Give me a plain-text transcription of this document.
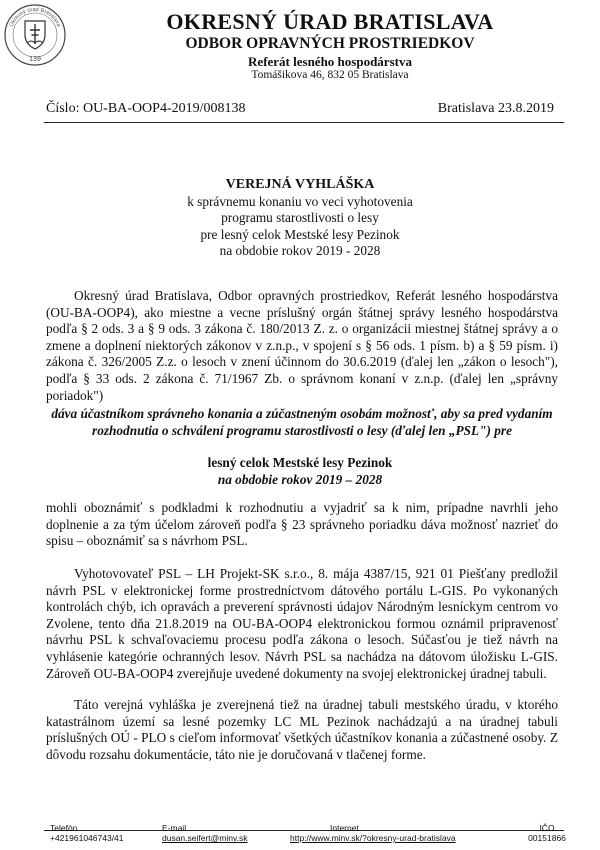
139
Okresný úrad Bratislava	OKRESNÝ ÚRAD BRATISLAVA
ODBOR OPRAVNÝCH PROSTRIEDKOV
Referát lesného hospodárstva
Tomášikova 46, 832 05 Bratislava
Číslo: OU-BA-OOP4-2019/008138	Bratislava 23.8.2019
VEREJNÁ VYHLÁŠKA
k správnemu konaniu vo veci vyhotovenia
programu starostlivosti o lesy
pre lesný celok Mestské lesy Pezinok
na obdobie rokov 2019 - 2028
Okresný úrad Bratislava, Odbor opravných prostriedkov, Referát lesného hospodárstva (OU-BA-OOP4), ako miestne a vecne príslušný orgán štátnej správy lesného hospodárstva podľa § 2 ods. 3 a § 9 ods. 3 zákona č. 180/2013 Z. z. o organizácii miestnej štátnej správy a o zmene a doplnení niektorých zákonov v z.n.p., v spojení s § 56 ods. 1 písm. b) a § 59 písm. i) zákona č. 326/2005 Z.z. o lesoch v znení účinnom do 30.6.2019 (ďalej len „zákon o lesoch"), podľa § 33 ods. 2 zákona č. 71/1967 Zb. o správnom konaní v z.n.p. (ďalej len „správny poriadok")
dáva účastníkom správneho konania a zúčastneným osobám možnosť, aby sa pred vydaním rozhodnutia o schválení programu starostlivosti o lesy (ďalej len „PSL") pre
lesný celok Mestské lesy Pezinok
na obdobie rokov 2019 – 2028
mohli oboznámiť s podkladmi k rozhodnutiu a vyjadriť sa k nim, prípadne navrhli jeho doplnenie a za tým účelom zároveň podľa § 23 správneho poriadku dáva možnosť nazrieť do spisu – oboznámiť sa s návrhom PSL.
Vyhotovovateľ PSL – LH Projekt-SK s.r.o., 8. mája 4387/15, 921 01 Piešťany predložil návrh PSL v elektronickej forme prostredníctvom dátového portálu L-GIS. Po vykonaných kontrolách chýb, ich opravách a preverení správnosti údajov Národným lesníckym centrom vo Zvolene, tento dňa 21.8.2019 na OU-BA-OOP4 elektronickou formou oznámil pripravenosť návrhu PSL k schvaľovaciemu procesu podľa zákona o lesoch. Súčasťou je tiež návrh na vyhlásenie kategórie ochranných lesov. Návrh PSL sa nachádza na dátovom úložisku L-GIS. Zároveň OU-BA-OOP4 zverejňuje uvedené dokumenty na svojej elektronickej úradnej tabuli.
Táto verejná vyhláška je zverejnená tiež na úradnej tabuli mestského úradu, v ktorého katastrálnom území sa lesné pozemky LC ML Pezinok nachádzajú a na úradnej tabuli príslušných OÚ - PLO s cieľom informovať všetkých účastníkov konania a zúčastnené osoby. Z dôvodu rozsahu dokumentácie, táto nie je doručovaná v tlačenej forme.
Telefón
+421961046743/41
E-mail
dusan.seifert@minv.sk
Internet
http://www.minv.sk/?okresny-urad-bratislava
IČO
00151866
